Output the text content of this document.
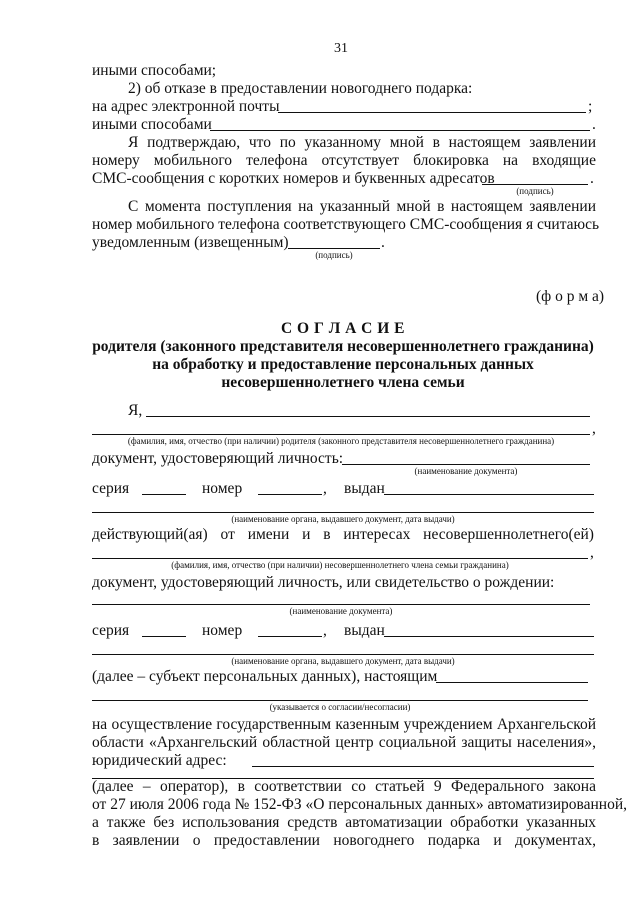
31
иными способами;
2) об отказе в предоставлении новогоднего подарка:
на адрес электронной почты	;
иными способами	.
Я подтверждаю, что по указанному мной в настоящем заявлении
номеру мобильного телефона отсутствует блокировка на входящие
СМС-сообщения с коротких номеров и буквенных адресатов	.
(подпись)
С момента поступления на указанный мной в настоящем заявлении
номер мобильного телефона соответствующего СМС-сообщения я считаюсь
уведомленным (извещенным)	.
(подпись)
(ф о р м а)
С О Г Л А С И Е
родителя (законного представителя несовершеннолетнего гражданина)
на обработку и предоставление персональных данных
несовершеннолетнего члена семьи
Я,
,
(фамилия, имя, отчество (при наличии) родителя (законного представителя несовершеннолетнего гражданина)
документ, удостоверяющий личность:
(наименование документа)
серия	номер	, выдан
(наименование органа, выдавшего документ, дата выдачи)
действующий(ая) от имени и в интересах несовершеннолетнего(ей)
,
(фамилия, имя, отчество (при наличии) несовершеннолетнего члена семьи гражданина)
документ, удостоверяющий личность, или свидетельство о рождении:
(наименование документа)
серия	номер	, выдан
(наименование органа, выдавшего документ, дата выдачи)
(далее – субъект персональных данных), настоящим
(указывается о согласии/несогласии)
на осуществление государственным казенным учреждением Архангельской
области «Архангельский областной центр социальной защиты населения»,
юридический адрес:
(далее – оператор), в соответствии со статьей 9 Федерального закона
от 27 июля 2006 года № 152-ФЗ «О персональных данных» автоматизированной,
а также без использования средств автоматизации обработки указанных
в заявлении о предоставлении новогоднего подарка и документах,
